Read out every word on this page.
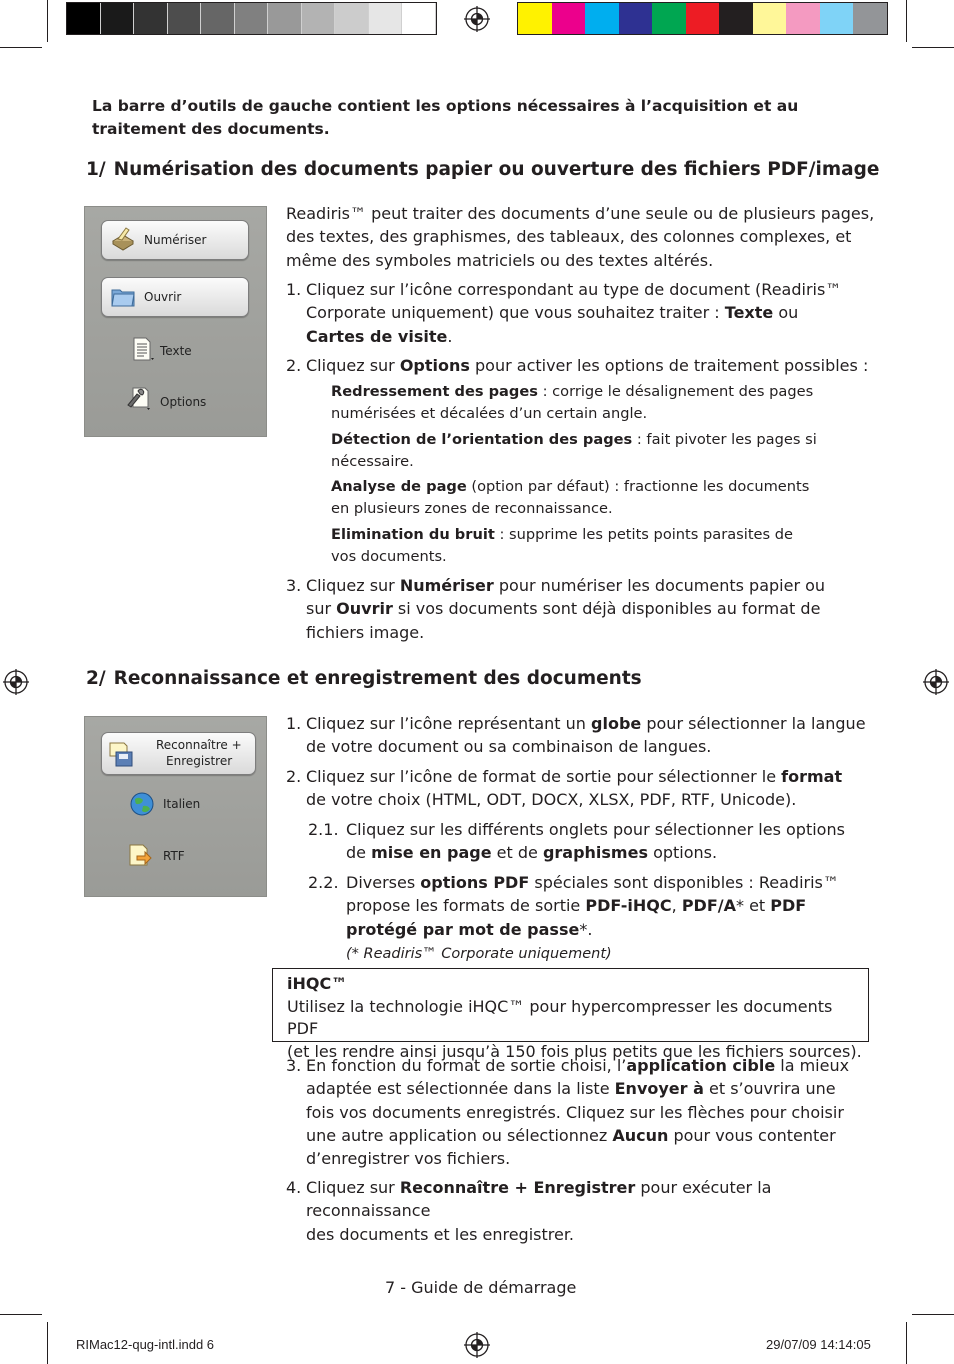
La barre d’outils de gauche contient les options nécessaires à l’acquisition et au traitement des documents.
1/ Numérisation des documents papier ou ouverture des fichiers PDF/image
Numériser
Ouvrir
Texte
Options
Readiris™ peut traiter des documents d’une seule ou de plusieurs pages, des textes, des graphismes, des tableaux, des colonnes complexes, et même des symboles matriciels ou des textes altérés.
1. Cliquez sur l’icône correspondant au type de document (Readiris™ Corporate uniquement) que vous souhaitez traiter : Texte ou
Cartes de visite.
2. Cliquez sur Options pour activer les options de traitement possibles :
Redressement des pages : corrige le désalignement des pages
numérisées et décalées d’un certain angle.
Détection de l’orientation des pages : fait pivoter les pages si
nécessaire.
Analyse de page (option par défaut) : fractionne les documents
en plusieurs zones de reconnaissance.
Elimination du bruit : supprime les petits points parasites de
vos documents.
3. Cliquez sur Numériser pour numériser les documents papier ou
sur Ouvrir si vos documents sont déjà disponibles au format de
fichiers image.
2/ Reconnaissance et enregistrement des documents
Reconnaître +
Enregistrer
Italien
RTF
1. Cliquez sur l’icône représentant un globe pour sélectionner la langue
de votre document ou sa combinaison de langues.
2. Cliquez sur l’icône de format de sortie pour sélectionner le format
de votre choix (HTML, ODT, DOCX, XLSX, PDF, RTF, Unicode).
2.1. Cliquez sur les différents onglets pour sélectionner les options
de mise en page et de graphismes options.
2.2. Diverses options PDF spéciales sont disponibles : Readiris™
propose les formats de sortie PDF-iHQC, PDF/A* et PDF
protégé par mot de passe*.
(* Readiris™ Corporate uniquement)
iHQC™
Utilisez la technologie iHQC™ pour hypercompresser les documents PDF
(et les rendre ainsi jusqu’à 150 fois plus petits que les fichiers sources).
3. En fonction du format de sortie choisi, l’application cible la mieux
adaptée est sélectionnée dans la liste Envoyer à et s’ouvrira une
fois vos documents enregistrés. Cliquez sur les flèches pour choisir
une autre application ou sélectionnez Aucun pour vous contenter
d’enregistrer vos fichiers.
4. Cliquez sur Reconnaître + Enregistrer pour exécuter la reconnaissance
des documents et les enregistrer.
7 - Guide de démarrage
RIMac12-qug-intl.indd 6	29/07/09 14:14:05
